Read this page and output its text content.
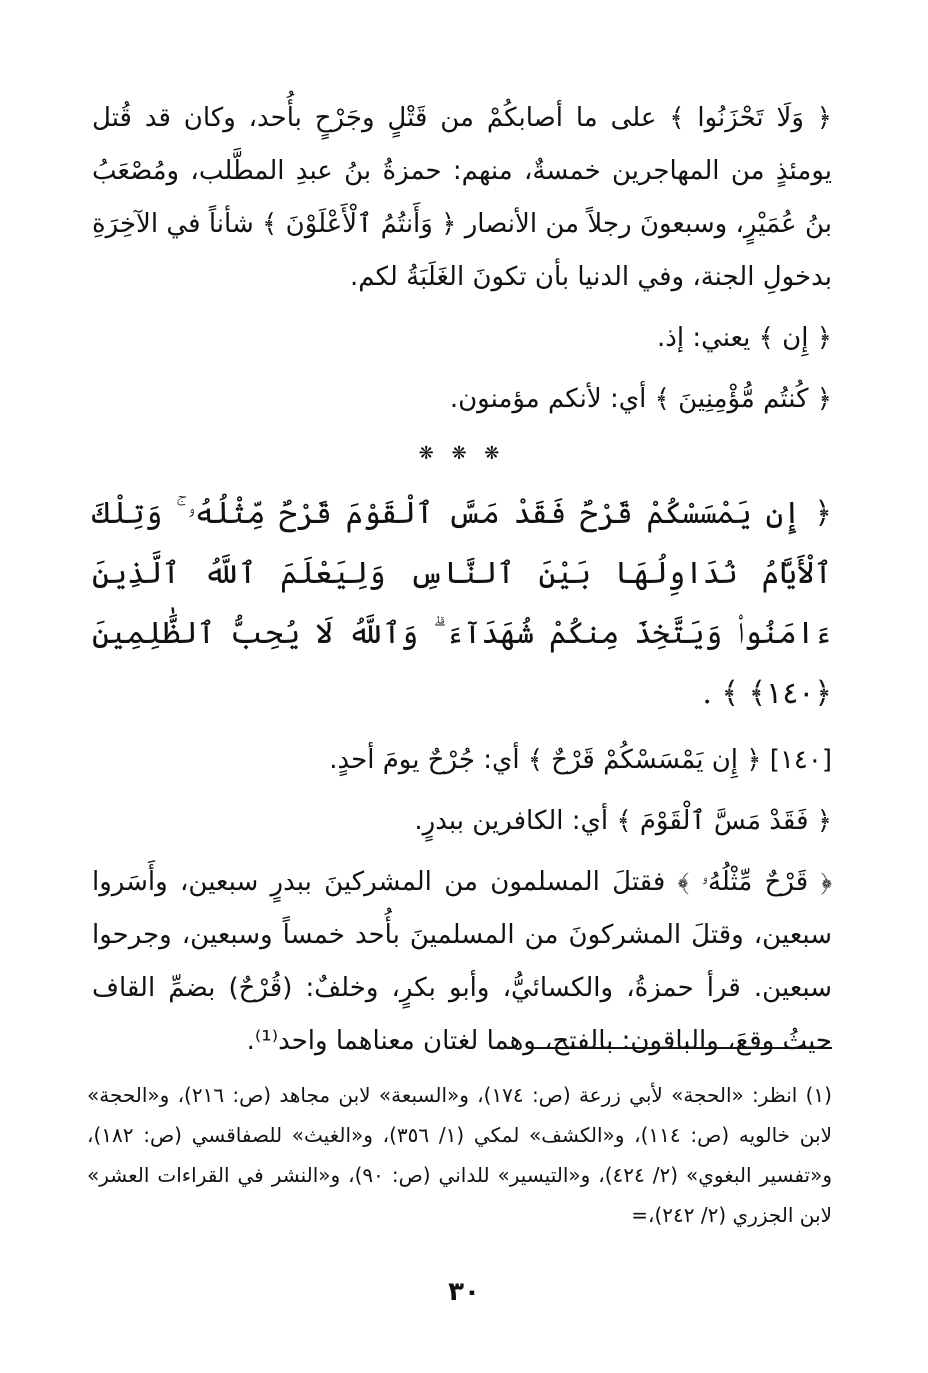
﴿ وَلَا تَحْزَنُوا ﴾ على ما أصابكُمْ من قَتْلٍ وجَرْحٍ بأُحد، وكان قد قُتل يومئذٍ من المهاجرين خمسةٌ، منهم: حمزةُ بنُ عبدِ المطَّلب، ومُصْعَبُ بنُ عُمَيْرٍ، وسبعونَ رجلاً من الأنصار ﴿ وَأَنتُمُ ٱلْأَعْلَوْنَ ﴾ شأناً في الآخِرَةِ بدخولِ الجنة، وفي الدنيا بأن تكونَ الغَلَبَةُ لكم.

﴿ إِن ﴾ يعني: إذ.

﴿ كُنتُم مُّؤْمِنِينَ ﴾ أي: لأنكم مؤمنون.

❋ ❋ ❋

﴿ إِن يَمْسَسْكُمْ قَرْحٌ فَقَدْ مَسَّ ٱلْقَوْمَ قَرْحٌ مِّثْلُهُۥ ۚ وَتِلْكَ ٱلْأَيَّامُ نُدَاوِلُهَا بَيْنَ ٱلنَّاسِ وَلِيَعْلَمَ ٱللَّهُ ٱلَّذِينَ ءَامَنُوا۟ وَيَتَّخِذَ مِنكُمْ شُهَدَآءَ ۗ وَٱللَّهُ لَا يُحِبُّ ٱلظَّٰلِمِينَ ﴿١٤٠﴾ ﴾ .

[١٤٠] ﴿ إِن يَمْسَسْكُمْ قَرْحٌ ﴾ أي: جُرْحٌ يومَ أحدٍ.

﴿ فَقَدْ مَسَّ ٱلْقَوْمَ ﴾ أي: الكافرين ببدرٍ.

﴿ قَرْحٌ مِّثْلُهُۥ ﴾ فقتلَ المسلمون من المشركينَ ببدرٍ سبعين، وأَسَروا سبعين، وقتلَ المشركونَ من المسلمينَ بأُحد خمساً وسبعين، وجرحوا سبعين. قرأ حمزةُ، والكسائيُّ، وأبو بكرٍ، وخلفٌ: (قُرْحٌ) بضمِّ القاف حيثُ وقعَ، والباقون: بالفتح، وهما لغتان معناهما واحد⁽¹⁾.

(١) انظر: «الحجة» لأبي زرعة (ص: ١٧٤)، و«السبعة» لابن مجاهد (ص: ٢١٦)، و«الحجة» لابن خالويه (ص: ١١٤)، و«الكشف» لمكي (١/ ٣٥٦)، و«الغيث» للصفاقسي (ص: ١٨٢)، و«تفسير البغوي» (٢/ ٤٢٤)، و«التيسير» للداني (ص: ٩٠)، و«النشر في القراءات العشر» لابن الجزري (٢/ ٢٤٢)،=

٣٠
